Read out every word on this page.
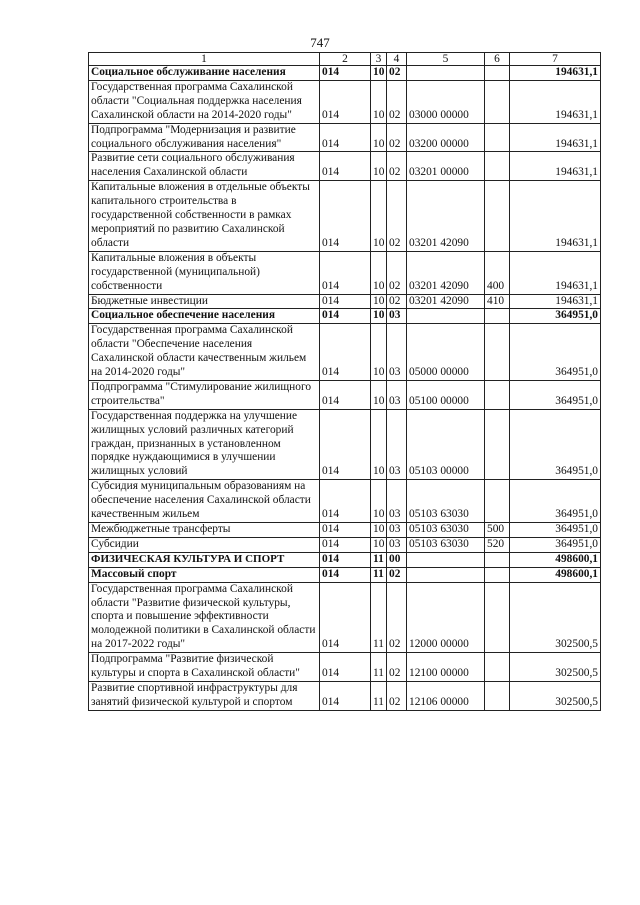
747
1	2	3	4	5	6	7
Социальное обслуживание населения	014	10	02			194631,1
Государственная программа Сахалинской области "Социальная поддержка населения Сахалинской области на 2014-2020 годы"	014	10	02	03000 00000		194631,1
Подпрограмма "Модернизация и развитие социального обслуживания населения"	014	10	02	03200 00000		194631,1
Развитие сети социального обслуживания населения Сахалинской области	014	10	02	03201 00000		194631,1
Капитальные вложения в отдельные объекты капитального строительства в государственной собственности в рамках мероприятий по развитию Сахалинской области	014	10	02	03201 42090		194631,1
Капитальные вложения в объекты государственной (муниципальной) собственности	014	10	02	03201 42090	400	194631,1
Бюджетные инвестиции	014	10	02	03201 42090	410	194631,1
Социальное обеспечение населения	014	10	03			364951,0
Государственная программа Сахалинской области "Обеспечение населения Сахалинской области качественным жильем на 2014-2020 годы"	014	10	03	05000 00000		364951,0
Подпрограмма "Стимулирование жилищного строительства"	014	10	03	05100 00000		364951,0
Государственная поддержка на улучшение жилищных условий различных категорий граждан, признанных в установленном порядке нуждающимися в улучшении жилищных условий	014	10	03	05103 00000		364951,0
Субсидия муниципальным образованиям на обеспечение населения Сахалинской области качественным жильем	014	10	03	05103 63030		364951,0
Межбюджетные трансферты	014	10	03	05103 63030	500	364951,0
Субсидии	014	10	03	05103 63030	520	364951,0
ФИЗИЧЕСКАЯ КУЛЬТУРА И СПОРТ	014	11	00			498600,1
Массовый спорт	014	11	02			498600,1
Государственная программа Сахалинской области "Развитие физической культуры, спорта и повышение эффективности молодежной политики в Сахалинской области на 2017-2022 годы"	014	11	02	12000 00000		302500,5
Подпрограмма "Развитие физической культуры и спорта в Сахалинской области"	014	11	02	12100 00000		302500,5
Развитие спортивной инфраструктуры для занятий физической культурой и спортом	014	11	02	12106 00000		302500,5
